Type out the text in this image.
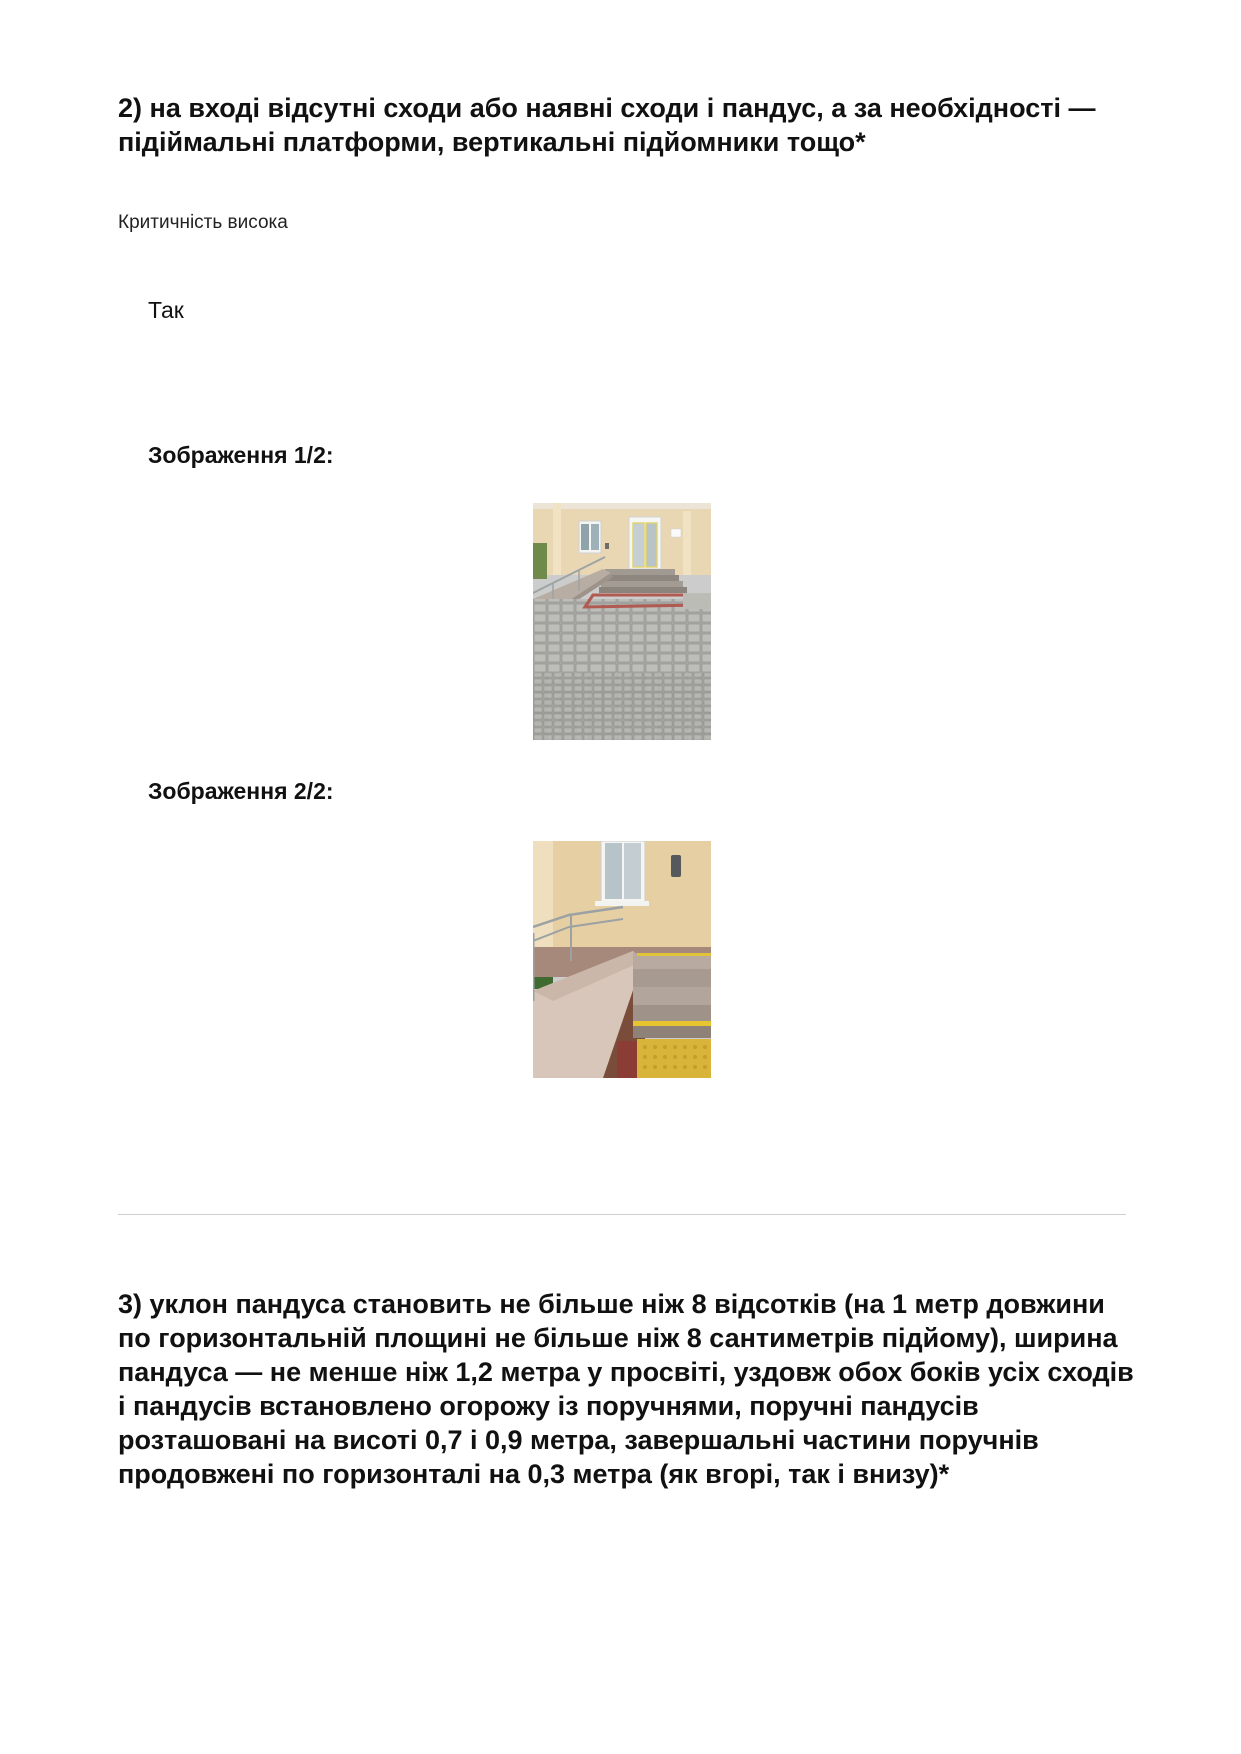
2) на вході відсутні сходи або наявні сходи і пандус, а за необхідності — підіймальні платформи, вертикальні підйомники тощо*
Критичність висока
Так
Зображення 1/2:
Зображення 2/2:
3) уклон пандуса становить не більше ніж 8 відсотків (на 1 метр довжини по горизонтальній площині не більше ніж 8 сантиметрів підйому), ширина пандуса — не менше ніж 1,2 метра у просвіті, уздовж обох боків усіх сходів і пандусів встановлено огорожу із поручнями, поручні пандусів розташовані на висоті 0,7 і 0,9 метра, завершальні частини поручнів продовжені по горизонталі на 0,3 метра (як вгорі, так і внизу)*
